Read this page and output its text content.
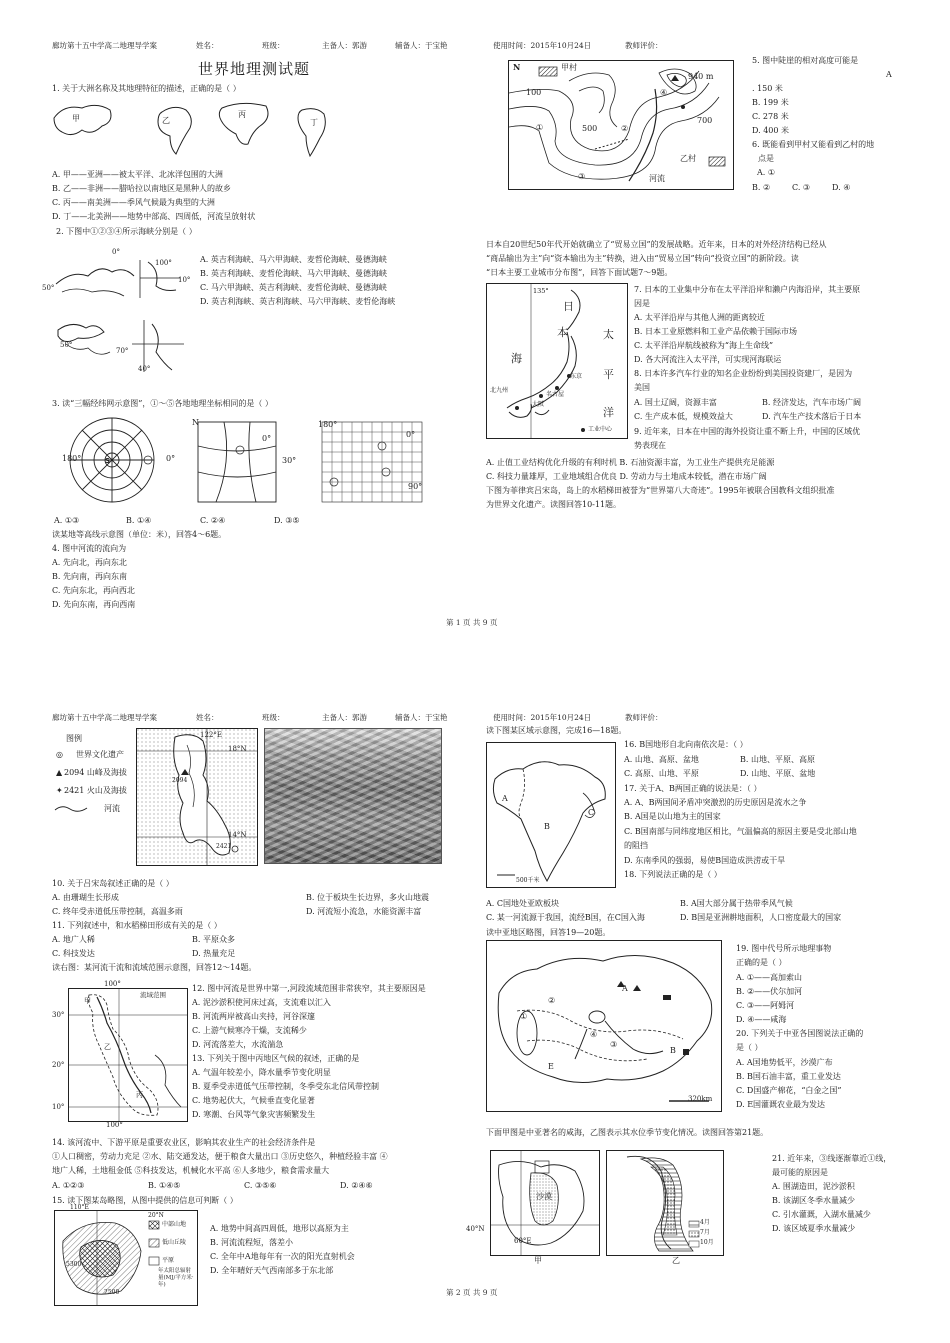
廊坊第十五中学高二地理导学案	姓名：	班级：	主备人：郭游	辅备人：于宝艳	使用时间：2015年10月24日	教师评价：
世界地理测试题
1. 关于大洲名称及其地理特征的描述，正确的是（ ）
甲	乙
丙
丁
A. 甲——亚洲——被太平洋、北冰洋包围的大洲
B. 乙——非洲——腊哈拉以南地区是黑种人的故乡
C. 丙——南美洲——季风气候最为典型的大洲
D. 丁——北美洲——地势中部高、四周低，河流呈放射状
2. 下图中①②③④所示海峡分别是（ ）
50°
0°
100°
10°
50°
70°
40°
A. 英吉利海峡、马六甲海峡、麦哲伦海峡、曼德海峡
B. 英吉利海峡、麦哲伦海峡、马六甲海峡、曼德海峡
C. 马六甲海峡、英吉利海峡、麦哲伦海峡、曼德海峡
D. 英吉利海峡、英吉利海峡、马六甲海峡、麦哲伦海峡
3. 读“三幅经纬网示意图”，①～⑤各地地理坐标相同的是（ ）
S
180°	0°
N
0°
30°
180°
0°
90°
A. ①③	B. ①④	C. ②④	D. ③⑤
读某地等高线示意图（单位：米），回答4～6题。
4. 图中河流的流向为
A. 先向北，再向东北
B. 先向南，再向东南
C. 先向东北，再向西北
D. 先向东南，再向西南
N	甲村
940 m
100
500
700
①	②
③
④
乙村
河流
5. 图中陡崖的相对高度可能是
A
. 150 米
B. 199 米
C. 278 米
D. 400 米
6. 既能看到甲村又能看到乙村的地
点是
A. ①
B. ②	C. ③	D. ④
日本自20世纪50年代开始就确立了“贸易立国”的发展战略。近年来，日本的对外经济结构已经从
“商品输出为主”向“资本输出为主”转换，进入由“贸易立国”转向“投资立国”的新阶段。读
“日本主要工业城市分布图”，回答下面试题7～9题。
135°
日
本
海
太
平
洋
北九州
大阪
名古屋
东京
工业中心
7. 日本的工业集中分布在太平洋沿岸和濑户内海沿岸，其主要原
因是
A. 太平洋沿岸与其他人洲的距离较近
B. 日本工业原燃料和工业产品依赖于国际市场
C. 太平洋沿岸航线被称为“海上生命线”
D. 各大河流注入太平洋，可实现河海联运
8. 日本许多汽车行业的知名企业纷纷到美国投资建厂，是因为
美国
A. 国土辽阔，资源丰富	B. 经济发达，汽车市场广阔
C. 生产成本低，规模效益大	D. 汽车生产技术落后于日本
9. 近年来，日本在中国的海外投资让重不断上升，中国的区域优
势表现在
A. 止值工业结构优化升级的有利时机 B. 石油资源丰富，为工业生产提供充足能源
C. 科技力量雄厚，工业地域组合优良 D. 劳动力与土地成本较低，潜在市场广阔
下图为菲律宾吕宋岛，岛上的水稻梯田被誉为“世界第八大奇迹”。1995年被联合国教科文组织批准
为世界文化遗产。读图回答10-11题。
第 1 页 共 9 页
廊坊第十五中学高二地理导学案	姓名：	班级：	主备人：郭游	辅备人：于宝艳	使用时间：2015年10月24日	教师评价：
图例
◎ 世界文化遗产
▲ 2094 山峰及海拔
✦ 2421 火山及海拔
河流
122°E
18°N
14°N
2094
2421
10. 关于吕宋岛叙述正确的是（ ）
A. 由珊瑚生长形成	B. 位于板块生长边界，多火山地震
C. 终年受赤道低压带控制，高温多雨	D. 河流短小流急，水能资源丰富
11. 下列叙述中，和水稻梯田形成有关的是（ ）
A. 地广人稀	B. 平原众多
C. 科技发达	D. 热量充足
读右图：某河流干流和流域范围示意图，回答12～14题。
100°
流域范围
30°
20°
10°
100°
甲
乙
丙
12. 图中河流是世界中第一,河段流域范围非常狭窄，其主要原因是
A. 泥沙淤积使河床过高，支流难以汇入
B. 河流两岸被高山夹持，河谷深邃
C. 上游气候寒冷干燥，支流稀少
D. 河流落差大，水流湍急
13. 下列关于图中丙地区气候的叙述，正确的是
A. 气温年较差小，降水量季节变化明显
B. 夏季受赤道低气压带控制，冬季受东北信风带控制
C. 地势起伏大，气候垂直变化显著
D. 寒潮、台风等气象灾害频繁发生
14. 该河流中、下游平原是重要农业区，影响其农业生产的社会经济条件是
①人口稠密，劳动力充足 ②水、陆交通发达，便于粮食大量出口 ③历史悠久，种植经验丰富 ④
地广人稀，土地租金低 ⑤科技发达，机械化水平高 ⑥人多地少，粮食需求量大
A. ①②③	B. ①④⑤	C. ③⑤⑥	D. ②④⑥
15. 读下图某岛略图，从图中提供的信息可判断（ ）
110°E
20°N
中部山地
低山丘陵
平原
5300
2500
年太阳总辐射量(MJ/平方米·年)
A. 地势中间高四周低，地形以高原为主
B. 河流流程短，落差小
C. 全年中A地每年有一次的阳光直射机会
D. 全年晴好天气西南部多于东北部
读下图某区域示意图，完成16—18题。
A
B
C
500千米
16. B国地形自北向南依次是：（ ）
A. 山地、高原、盆地	B. 山地、平原、高原
C. 高原、山地、平原	D. 山地、平原、盆地
17. 关于A、B两国正确的说法是：（ ）
A. A、B两国间矛盾冲突激烈的历史原因是流水之争
B. A国是以山地为主的国家
C. B国南部与同纬度地区相比，气温偏高的原因主要是受北部山地
的阻挡
D. 东南季风的强弱，易使B国造成洪涝或干旱
18. 下列说法正确的是（ ）
A. C国地处亚欧板块	B. A国大部分属于热带季风气候
C. 某一河流源于我国，流经B国，在C国入海	D. B国是亚洲耕地面积，人口密度最大的国家
读中亚地区略图，回答19—20题。
①
②
③
④
E
A
B
320km
19. 图中代号所示地理事物
正确的是（ ）
A. ①——高加索山
B. ②——伏尔加河
C. ③——阿姆河
D. ④——咸海
20. 下列关于中亚各国图说法正确的
是（ ）
A. A国地势低平，沙漠广布
B. B国石油丰富，重工业发达
C. D国盛产棉花，“白金之国”
D. E国灌溉农业最为发达
下面甲图是中亚著名的咸海，乙图表示其水位季节变化情况。读图回答第21题。
沙漠
40°N
60°E
甲	乙
4月
7月
10月
21. 近年来，③线逐渐靠近①线，
最可能的原因是
A. 围湖造田，泥沙淤积
B. 该湖区冬季水量减少
C. 引水灌溉，入湖水量减少
D. 该区域夏季水量减少
第 2 页 共 9 页
